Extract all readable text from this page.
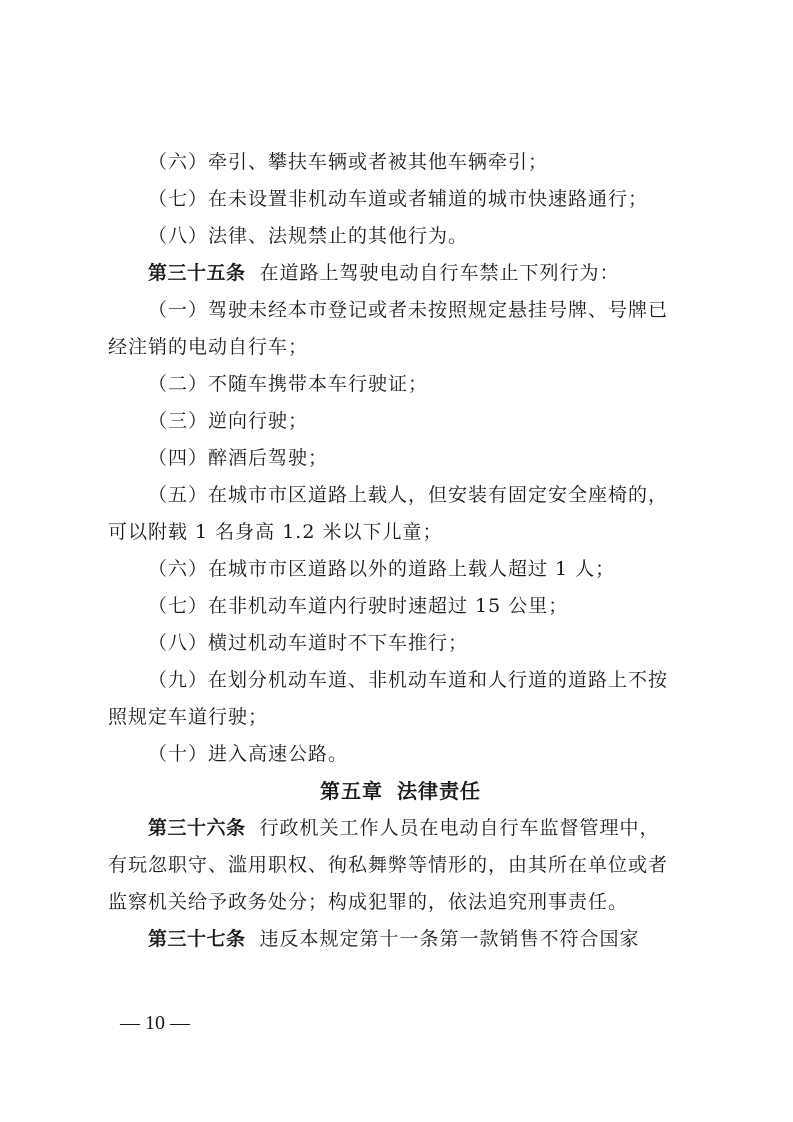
（六）牵引、攀扶车辆或者被其他车辆牵引；
（七）在未设置非机动车道或者辅道的城市快速路通行；
（八）法律、法规禁止的其他行为。
第三十五条 在道路上驾驶电动自行车禁止下列行为：
（一）驾驶未经本市登记或者未按照规定悬挂号牌、号牌已
经注销的电动自行车；
（二）不随车携带本车行驶证；
（三）逆向行驶；
（四）醉酒后驾驶；
（五）在城市市区道路上载人，但安装有固定安全座椅的，
可以附载 1 名身高 1.2 米以下儿童；
（六）在城市市区道路以外的道路上载人超过 1 人；
（七）在非机动车道内行驶时速超过 15 公里；
（八）横过机动车道时不下车推行；
（九）在划分机动车道、非机动车道和人行道的道路上不按
照规定车道行驶；
（十）进入高速公路。
第五章 法律责任
第三十六条 行政机关工作人员在电动自行车监督管理中，
有玩忽职守、滥用职权、徇私舞弊等情形的，由其所在单位或者
监察机关给予政务处分；构成犯罪的，依法追究刑事责任。
第三十七条 违反本规定第十一条第一款销售不符合国家
— 10 —
